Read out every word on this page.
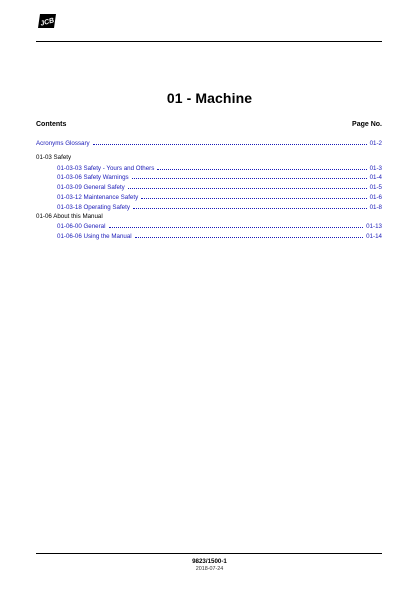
JCB
01 - Machine
Contents	Page No.
Acronyms Glossary	01-2
01-03 Safety
01-03-03 Safety - Yours and Others	01-3
01-03-06 Safety Warnings	01-4
01-03-09 General Safety	01-5
01-03-12 Maintenance Safety	01-6
01-03-18 Operating Safety	01-8
01-06 About this Manual
01-06-00 General	01-13
01-06-06 Using the Manual	01-14
9823/1500-1
2018-07-24
